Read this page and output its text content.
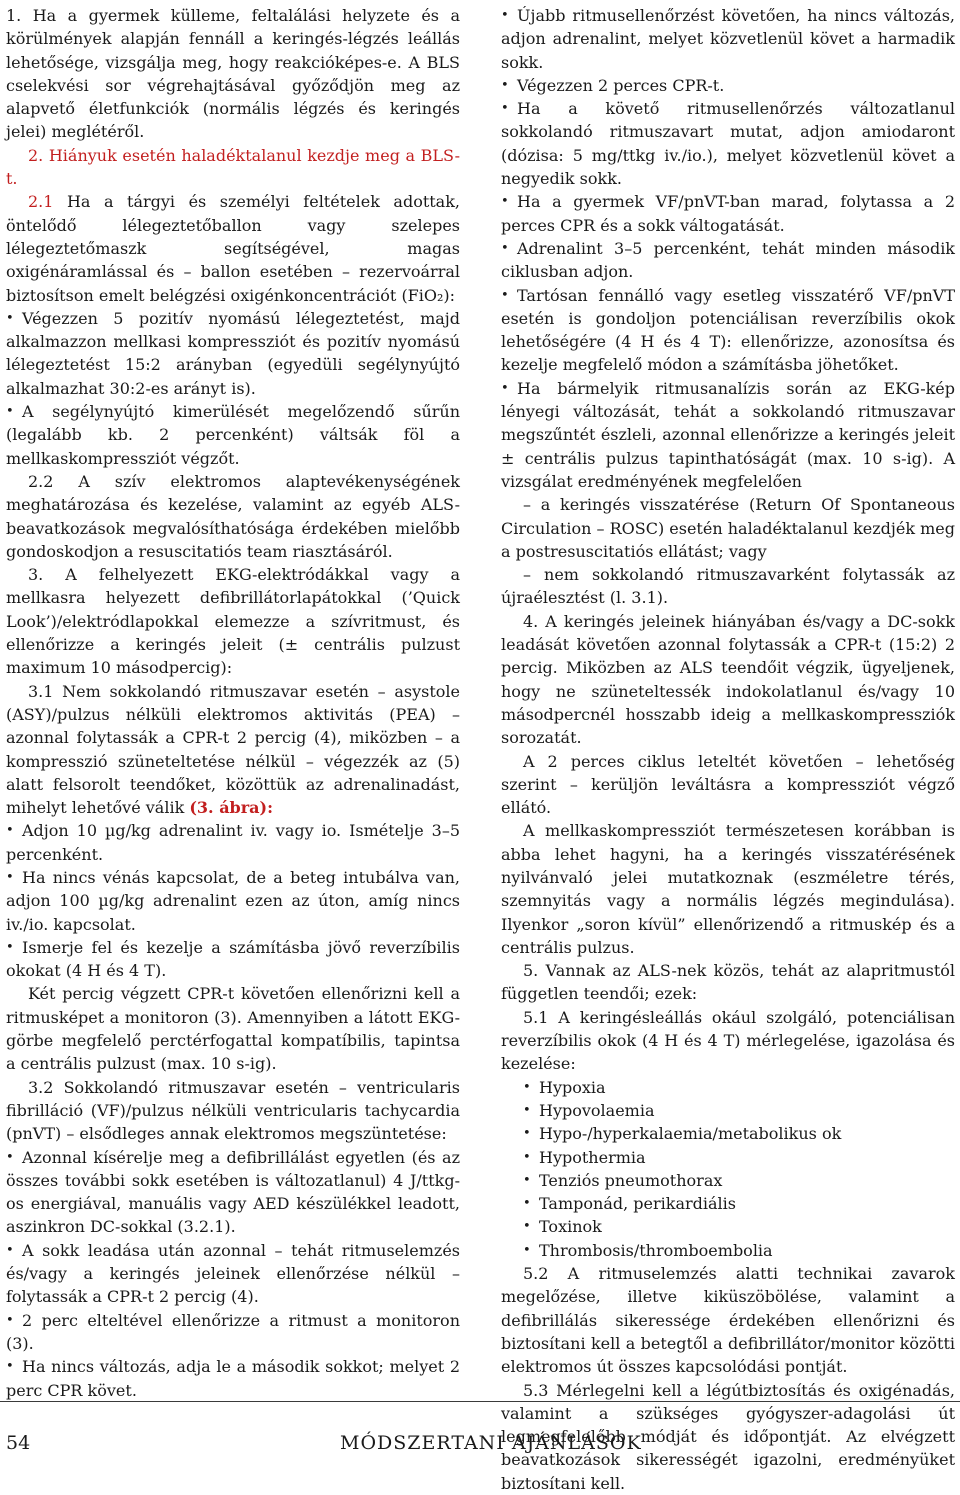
1. Ha a gyermek külleme, feltalálási helyzete és a körülmények alapján fennáll a keringés-légzés leállás lehetősége, vizsgálja meg, hogy reakcióképes-e. A BLS cselekvési sor végrehajtásával győződjön meg az alapvető életfunkciók (normális légzés és keringés jelei) meglétéről.

2. Hiányuk esetén haladéktalanul kezdje meg a BLS-t.

2.1 Ha a tárgyi és személyi feltételek adottak, öntelődő lélegeztetőballon vagy szelepes lélegeztetőmaszk segítségével, magas oxigénáramlással és – ballon esetében – rezervoárral biztosítson emelt belégzési oxigénkoncentrációt (FiO₂):

• Végezzen 5 pozitív nyomású lélegeztetést, majd alkalmazzon mellkasi kompressziót és pozitív nyomású lélegeztetést 15:2 arányban (egyedüli segélynyújtó alkalmazhat 30:2-es arányt is).

• A segélynyújtó kimerülését megelőzendő sűrűn (legalább kb. 2 percenként) váltsák föl a mellkaskompressziót végzőt.

2.2 A szív elektromos alaptevékenységének meghatározása és kezelése, valamint az egyéb ALS-beavatkozások megvalósíthatósága érdekében mielőbb gondoskodjon a resuscitatiós team riasztásáról.

3. A felhelyezett EKG-elektródákkal vagy a mellkasra helyezett defibrillátorlapátokkal (’Quick Look’)/elektródlapokkal elemezze a szívritmust, és ellenőrizze a keringés jeleit (± centrális pulzust maximum 10 másodpercig):

3.1 Nem sokkolandó ritmuszavar esetén – asystole (ASY)/pulzus nélküli elektromos aktivitás (PEA) – azonnal folytassák a CPR-t 2 percig (4), miközben – a kompresszió szüneteltetése nélkül – végezzék az (5) alatt felsorolt teendőket, közöttük az adrenalinadást, mihelyt lehetővé válik (3. ábra):

• Adjon 10 µg/kg adrenalint iv. vagy io. Ismételje 3–5 percenként.

• Ha nincs vénás kapcsolat, de a beteg intubálva van, adjon 100 µg/kg adrenalint ezen az úton, amíg nincs iv./io. kapcsolat.

• Ismerje fel és kezelje a számításba jövő reverzíbilis okokat (4 H és 4 T).

Két percig végzett CPR-t követően ellenőrizni kell a ritmusképet a monitoron (3). Amennyiben a látott EKG-görbe megfelelő perctérfogattal kompatíbilis, tapintsa a centrális pulzust (max. 10 s-ig).

3.2 Sokkolandó ritmuszavar esetén – ventricularis fibrilláció (VF)/pulzus nélküli ventricularis tachycardia (pnVT) – elsődleges annak elektromos megszüntetése:

• Azonnal kísérelje meg a defibrillálást egyetlen (és az összes további sokk esetében is változatlanul) 4 J/ttkg-os energiával, manuális vagy AED készülékkel leadott, aszinkron DC-sokkal (3.2.1).

• A sokk leadása után azonnal – tehát ritmuselemzés és/vagy a keringés jeleinek ellenőrzése nélkül – folytassák a CPR-t 2 percig (4).

• 2 perc elteltével ellenőrizze a ritmust a monitoron (3).

• Ha nincs változás, adja le a második sokkot; melyet 2 perc CPR követ.

• Újabb ritmusellenőrzést követően, ha nincs változás, adjon adrenalint, melyet közvetlenül követ a harmadik sokk.

• Végezzen 2 perces CPR-t.

• Ha a követő ritmusellenőrzés változatlanul sokkolandó ritmuszavart mutat, adjon amiodaront (dózisa: 5 mg/ttkg iv./io.), melyet közvetlenül követ a negyedik sokk.

• Ha a gyermek VF/pnVT-ban marad, folytassa a 2 perces CPR és a sokk váltogatását.

• Adrenalint 3–5 percenként, tehát minden második ciklusban adjon.

• Tartósan fennálló vagy esetleg visszatérő VF/pnVT esetén is gondoljon potenciálisan reverzíbilis okok lehetőségére (4 H és 4 T): ellenőrizze, azonosítsa és kezelje megfelelő módon a számításba jöhetőket.

• Ha bármelyik ritmusanalízis során az EKG-kép lényegi változását, tehát a sokkolandó ritmuszavar megszűntét észleli, azonnal ellenőrizze a keringés jeleit ± centrális pulzus tapinthatóságát (max. 10 s-ig). A vizsgálat eredményének megfelelően

– a keringés visszatérése (Return Of Spontaneous Circulation – ROSC) esetén haladéktalanul kezdjék meg a postresuscitatiós ellátást; vagy

– nem sokkolandó ritmuszavarként folytassák az újraélesztést (l. 3.1).

4. A keringés jeleinek hiányában és/vagy a DC-sokk leadását követően azonnal folytassák a CPR-t (15:2) 2 percig. Miközben az ALS teendőit végzik, ügyeljenek, hogy ne szüneteltessék indokolatlanul és/vagy 10 másodpercnél hosszabb ideig a mellkaskompressziók sorozatát.

A 2 perces ciklus leteltét követően – lehetőség szerint – kerüljön leváltásra a kompressziót végző ellátó.

A mellkaskompressziót természetesen korábban is abba lehet hagyni, ha a keringés visszatérésének nyilvánvaló jelei mutatkoznak (eszméletre térés, szemnyitás vagy a normális légzés megindulása). Ilyenkor „soron kívül” ellenőrizendő a ritmuskép és a centrális pulzus.

5. Vannak az ALS-nek közös, tehát az alapritmustól független teendői; ezek:

5.1 A keringésleállás okául szolgáló, potenciálisan reverzíbilis okok (4 H és 4 T) mérlegelése, igazolása és kezelése:

• Hypoxia
• Hypovolaemia
• Hypo-/hyperkalaemia/metabolikus ok
• Hypothermia
• Tenziós pneumothorax
• Tamponád, perikardiális
• Toxinok
• Thrombosis/thromboembolia

5.2 A ritmuselemzés alatti technikai zavarok megelőzése, illetve kiküszöbölése, valamint a defibrillálás sikeressége érdekében ellenőrizni és biztosítani kell a betegtől a defibrillátor/monitor közötti elektromos út összes kapcsolódási pontját.

5.3 Mérlegelni kell a légútbiztosítás és oxigénadás, valamint a szükséges gyógyszer-adagolási út legmegfelelőbb módját és időpontját. Az elvégzett beavatkozások sikerességét igazolni, eredményüket biztosítani kell.

54	MÓDSZERTANI AJÁNLÁSOK
